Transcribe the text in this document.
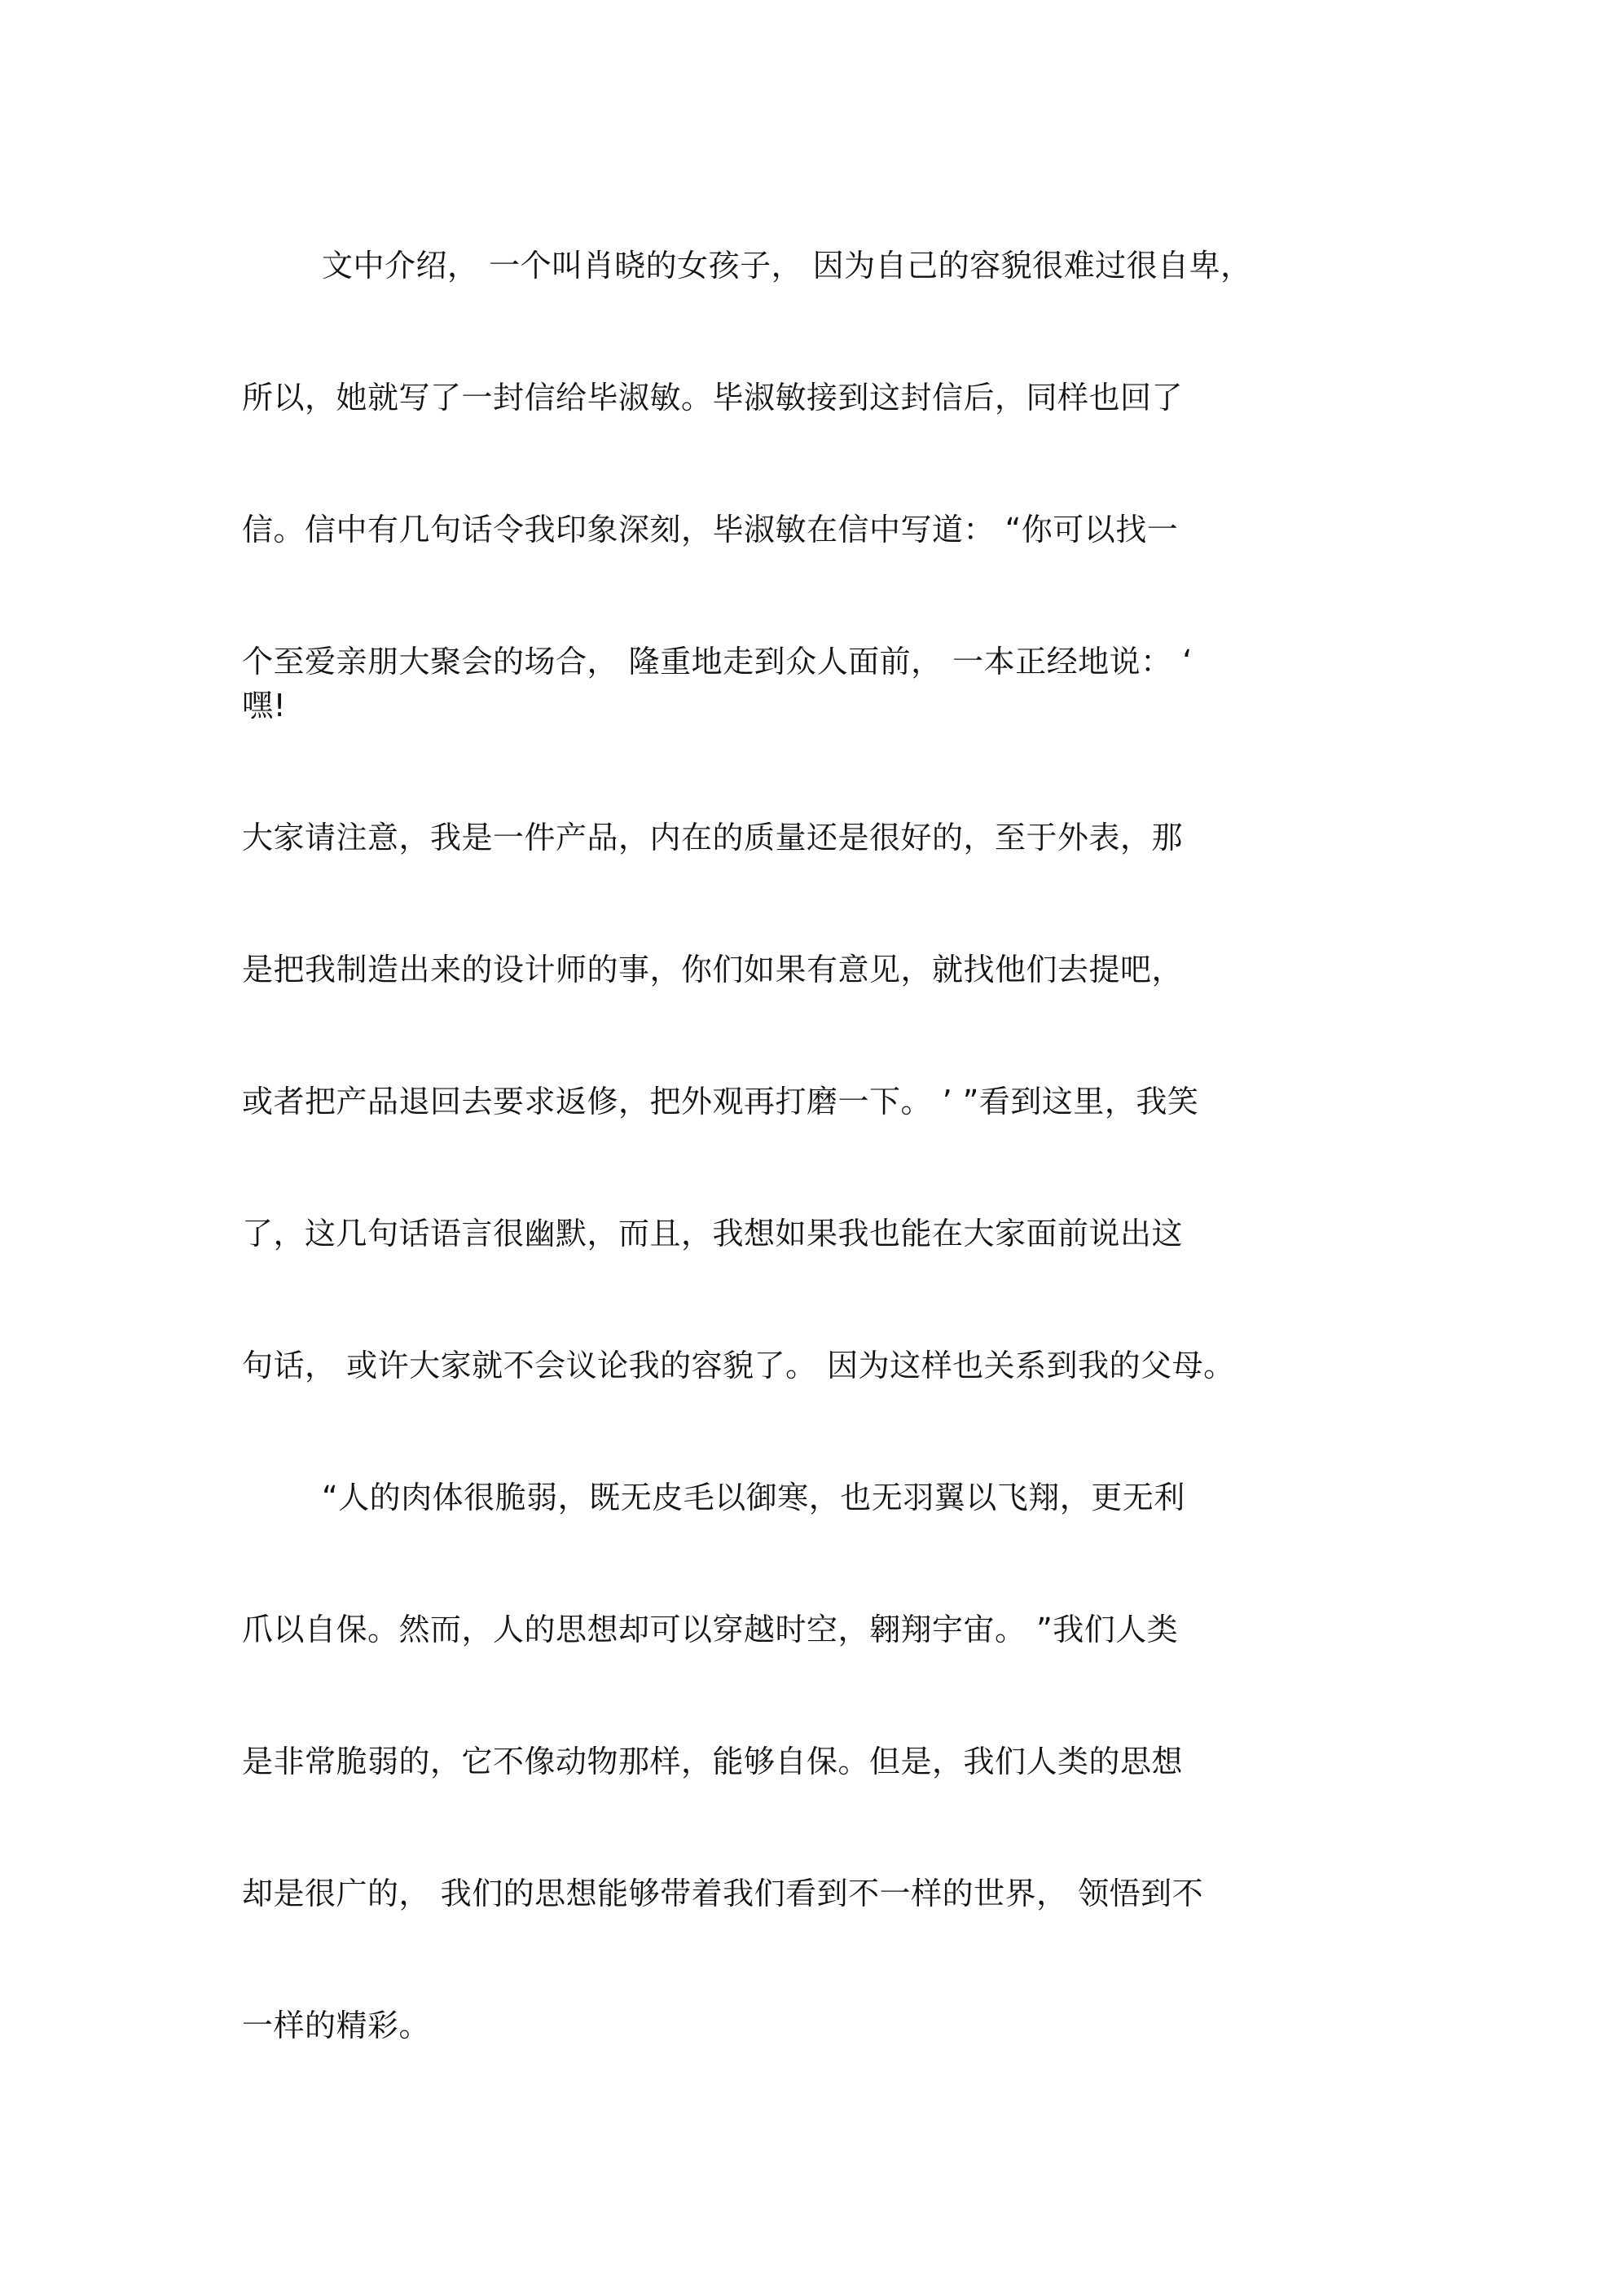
文中介绍， 一个叫肖晓的女孩子， 因为自己的容貌很难过很自卑，
所以，她就写了一封信给毕淑敏。毕淑敏接到这封信后，同样也回了
信。信中有几句话令我印象深刻，毕淑敏在信中写道： “你可以找一
个至爱亲朋大聚会的场合， 隆重地走到众人面前， 一本正经地说： ‘
嘿!
大家请注意，我是一件产品，内在的质量还是很好的，至于外表，那
是把我制造出来的设计师的事，你们如果有意见，就找他们去提吧，
或者把产品退回去要求返修，把外观再打磨一下。 ’ ”看到这里，我笑
了，这几句话语言很幽默，而且，我想如果我也能在大家面前说出这
句话， 或许大家就不会议论我的容貌了。 因为这样也关系到我的父母。
“人的肉体很脆弱，既无皮毛以御寒，也无羽翼以飞翔，更无利
爪以自保。然而，人的思想却可以穿越时空，翱翔宇宙。 ”我们人类
是非常脆弱的，它不像动物那样，能够自保。但是，我们人类的思想
却是很广的， 我们的思想能够带着我们看到不一样的世界， 领悟到不
一样的精彩。
